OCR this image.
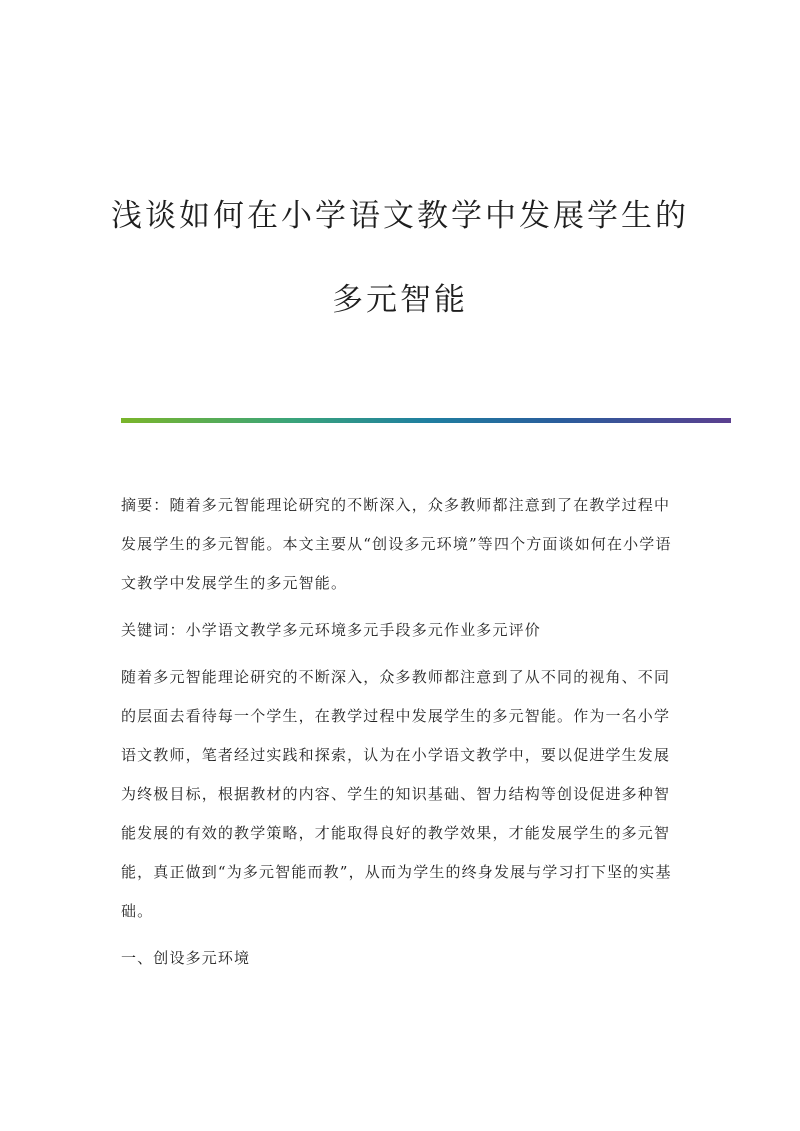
浅谈如何在小学语文教学中发展学生的
多元智能

摘要：随着多元智能理论研究的不断深入，众多教师都注意到了在教学过程中发展学生的多元智能。本文主要从“创设多元环境”等四个方面谈如何在小学语文教学中发展学生的多元智能。

关键词：小学语文教学多元环境多元手段多元作业多元评价

随着多元智能理论研究的不断深入，众多教师都注意到了从不同的视角、不同的层面去看待每一个学生，在教学过程中发展学生的多元智能。作为一名小学语文教师，笔者经过实践和探索，认为在小学语文教学中，要以促进学生发展为终极目标，根据教材的内容、学生的知识基础、智力结构等创设促进多种智能发展的有效的教学策略，才能取得良好的教学效果，才能发展学生的多元智能，真正做到“为多元智能而教”，从而为学生的终身发展与学习打下坚的实基础。

一、创设多元环境
